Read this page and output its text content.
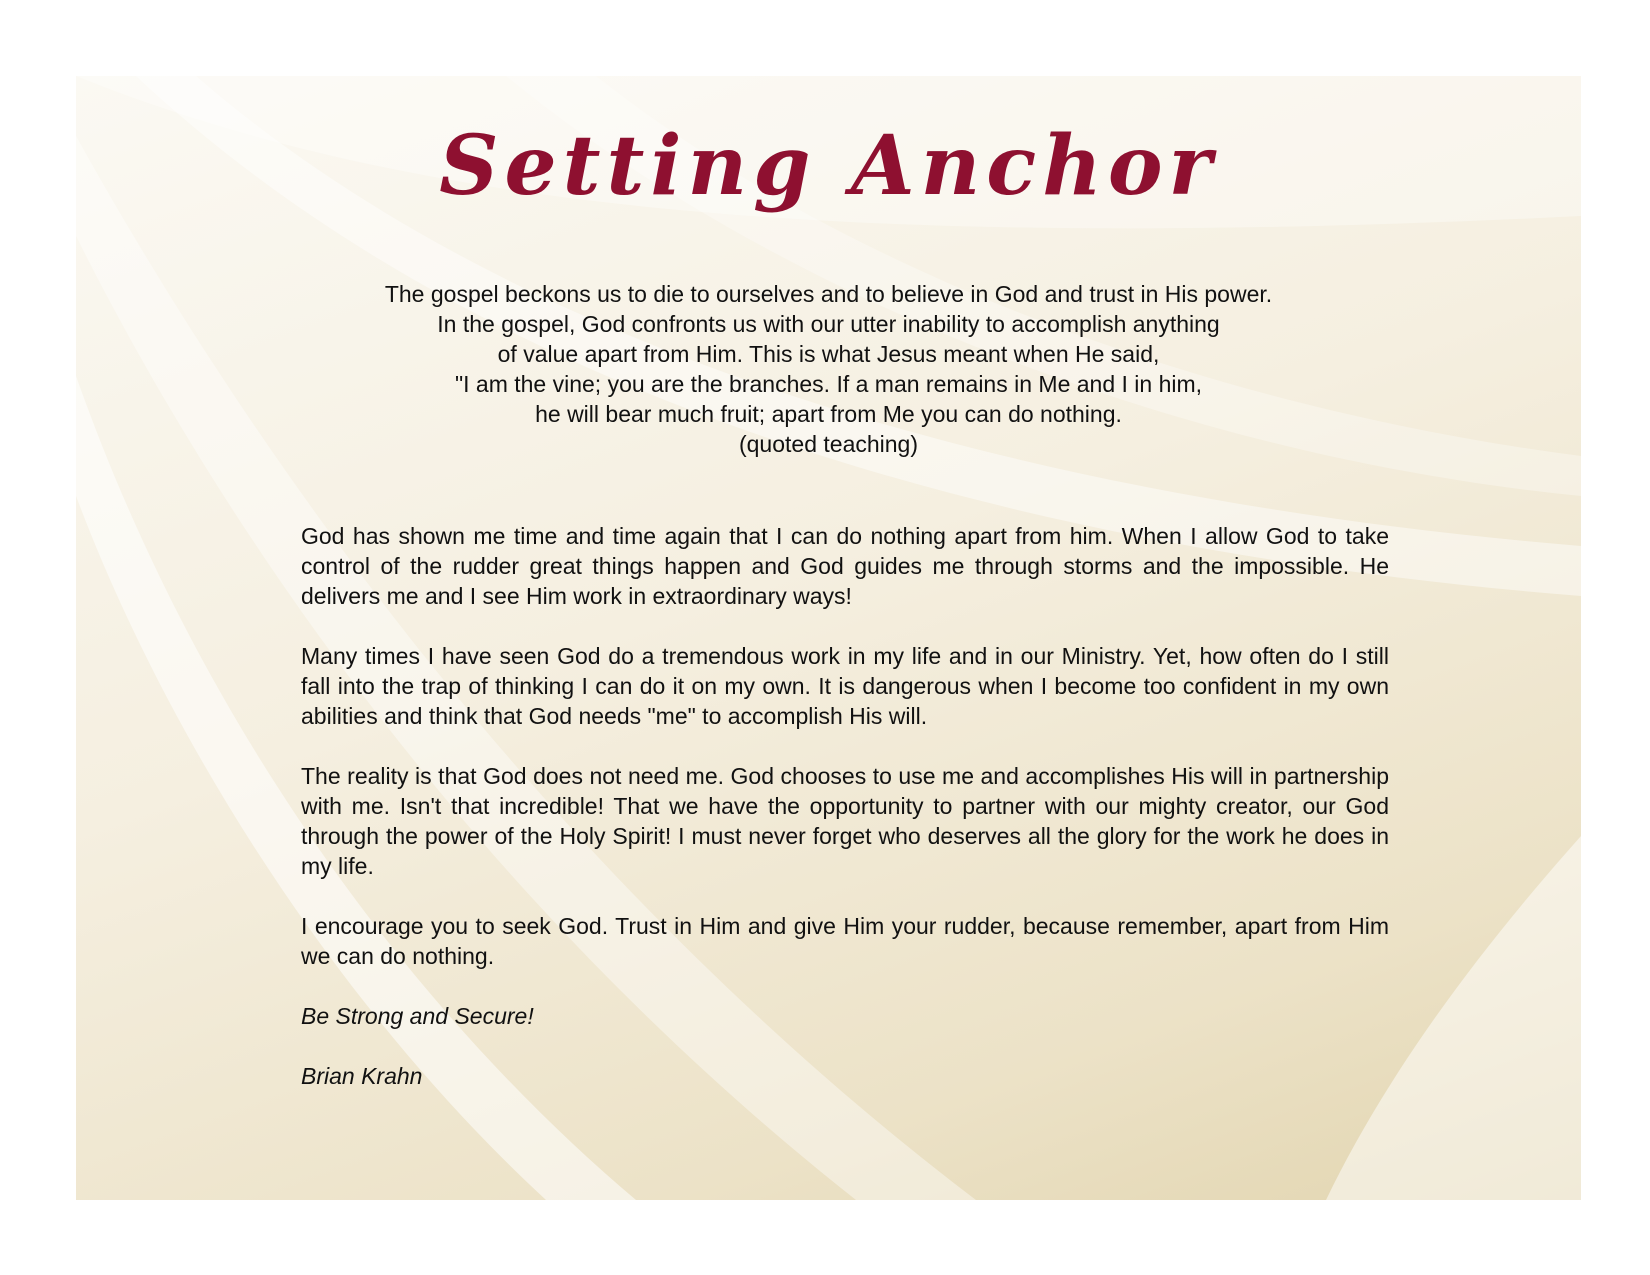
Setting Anchor
The gospel beckons us to die to ourselves and to believe in God and trust in His power.
In the gospel, God confronts us with our utter inability to accomplish anything
of value apart from Him. This is what Jesus meant when He said,
"I am the vine; you are the branches. If a man remains in Me and I in him,
he will bear much fruit; apart from Me you can do nothing.
(quoted teaching)

God has shown me time and time again that I can do nothing apart from him. When I allow God to take control of the rudder great things happen and God guides me through storms and the impossible. He delivers me and I see Him work in extraordinary ways!

Many times I have seen God do a tremendous work in my life and in our Ministry. Yet, how often do I still fall into the trap of thinking I can do it on my own. It is dangerous when I become too confident in my own abilities and think that God needs "me" to accomplish His will.

The reality is that God does not need me. God chooses to use me and accomplishes His will in partnership with me. Isn't that incredible! That we have the opportunity to partner with our mighty creator, our God through the power of the Holy Spirit! I must never forget who deserves all the glory for the work he does in my life.

I encourage you to seek God. Trust in Him and give Him your rudder, because remember, apart from Him we can do nothing.

Be Strong and Secure!

Brian Krahn
